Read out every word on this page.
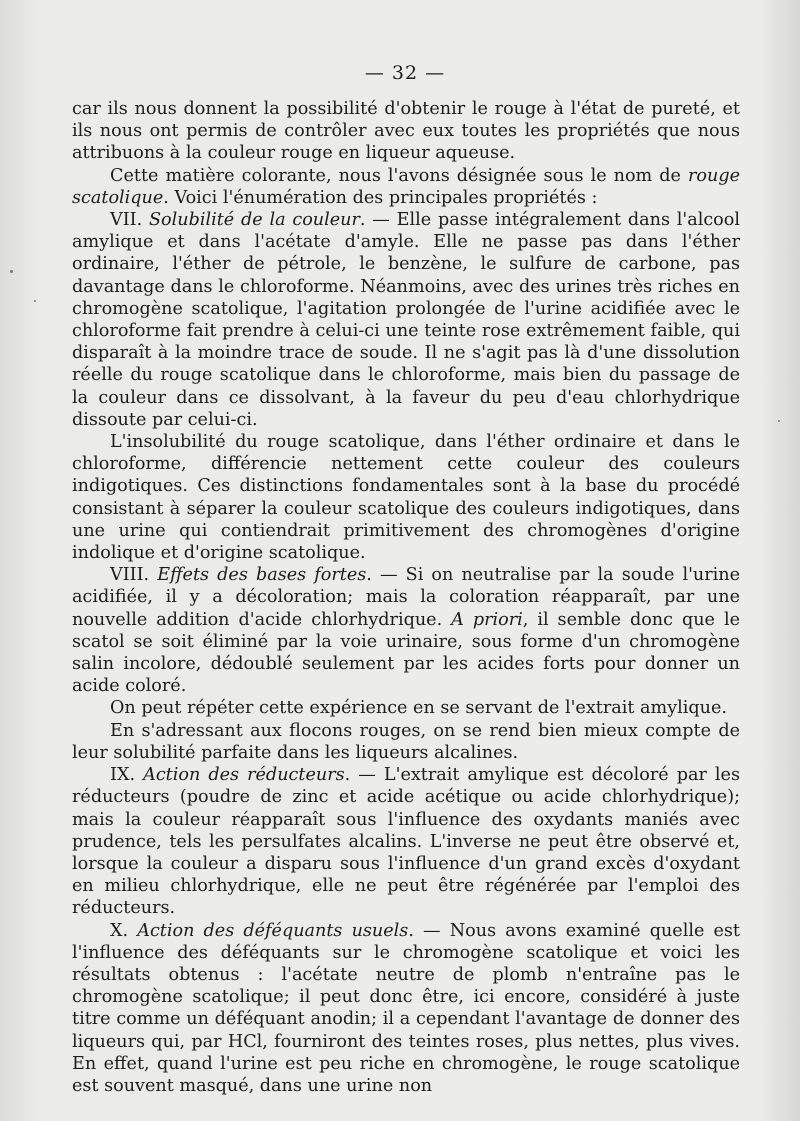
— 32 —

car ils nous donnent la possibilité d'obtenir le rouge à l'état de pureté, et ils nous ont permis de contrôler avec eux toutes les propriétés que nous attribuons à la couleur rouge en liqueur aqueuse.

Cette matière colorante, nous l'avons désignée sous le nom de rouge scatolique. Voici l'énumération des principales propriétés :

VII. Solubilité de la couleur. — Elle passe intégralement dans l'alcool amylique et dans l'acétate d'amyle. Elle ne passe pas dans l'éther ordinaire, l'éther de pétrole, le benzène, le sulfure de carbone, pas davantage dans le chloroforme. Néanmoins, avec des urines très riches en chromogène scatolique, l'agitation prolongée de l'urine acidifiée avec le chloroforme fait prendre à celui-ci une teinte rose extrêmement faible, qui disparaît à la moindre trace de soude. Il ne s'agit pas là d'une dissolution réelle du rouge scatolique dans le chloroforme, mais bien du passage de la couleur dans ce dissolvant, à la faveur du peu d'eau chlorhydrique dissoute par celui-ci.

L'insolubilité du rouge scatolique, dans l'éther ordinaire et dans le chloroforme, différencie nettement cette couleur des couleurs indigotiques. Ces distinctions fondamentales sont à la base du procédé consistant à séparer la couleur scatolique des couleurs indigotiques, dans une urine qui contiendrait primitivement des chromogènes d'origine indolique et d'origine scatolique.

VIII. Effets des bases fortes. — Si on neutralise par la soude l'urine acidifiée, il y a décoloration; mais la coloration réapparaît, par une nouvelle addition d'acide chlorhydrique. A priori, il semble donc que le scatol se soit éliminé par la voie urinaire, sous forme d'un chromogène salin incolore, dédoublé seulement par les acides forts pour donner un acide coloré.

On peut répéter cette expérience en se servant de l'extrait amylique.

En s'adressant aux flocons rouges, on se rend bien mieux compte de leur solubilité parfaite dans les liqueurs alcalines.

IX. Action des réducteurs. — L'extrait amylique est décoloré par les réducteurs (poudre de zinc et acide acétique ou acide chlorhydrique); mais la couleur réapparaît sous l'influence des oxydants maniés avec prudence, tels les persulfates alcalins. L'inverse ne peut être observé et, lorsque la couleur a disparu sous l'influence d'un grand excès d'oxydant en milieu chlorhydrique, elle ne peut être régénérée par l'emploi des réducteurs.

X. Action des déféquants usuels. — Nous avons examiné quelle est l'influence des déféquants sur le chromogène scatolique et voici les résultats obtenus : l'acétate neutre de plomb n'entraîne pas le chromogène scatolique; il peut donc être, ici encore, considéré à juste titre comme un déféquant anodin; il a cependant l'avantage de donner des liqueurs qui, par HCl, fourniront des teintes roses, plus nettes, plus vives. En effet, quand l'urine est peu riche en chromogène, le rouge scatolique est souvent masqué, dans une urine non
